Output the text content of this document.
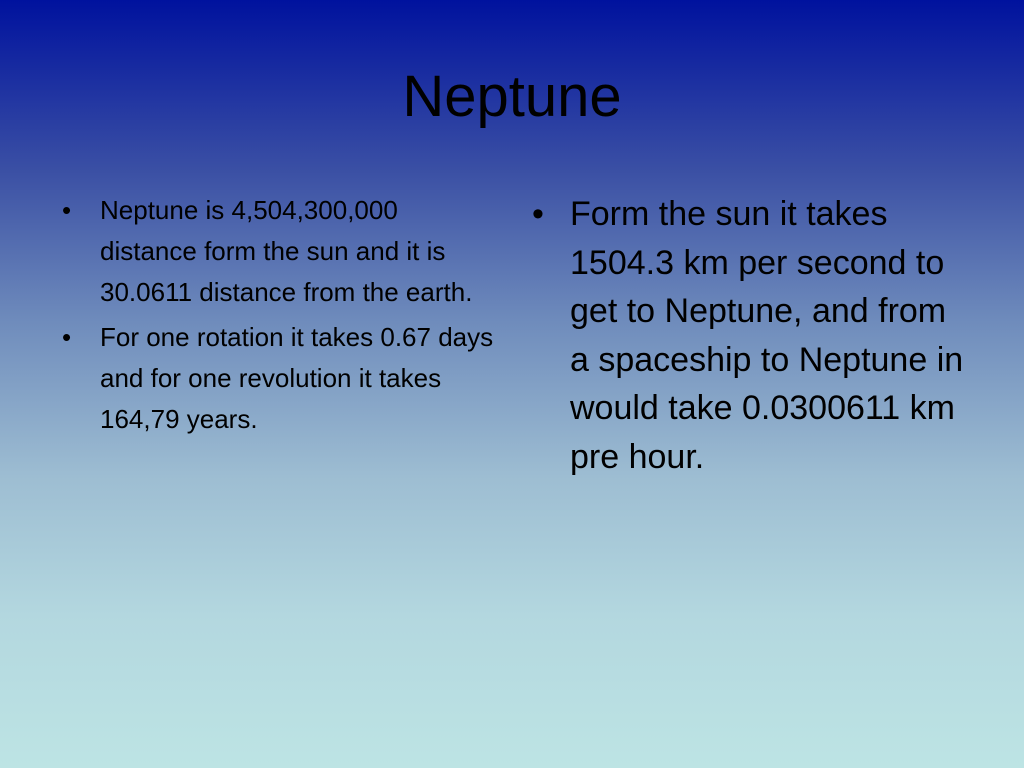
Neptune
• Neptune is 4,504,300,000 distance form the sun and it is 30.0611 distance from the earth.
• For one rotation it takes 0.67 days and for one revolution it takes 164,79 years.
• Form the sun it takes 1504.3 km per second to get to Neptune, and from a spaceship to Neptune in would take 0.0300611 km pre hour.
